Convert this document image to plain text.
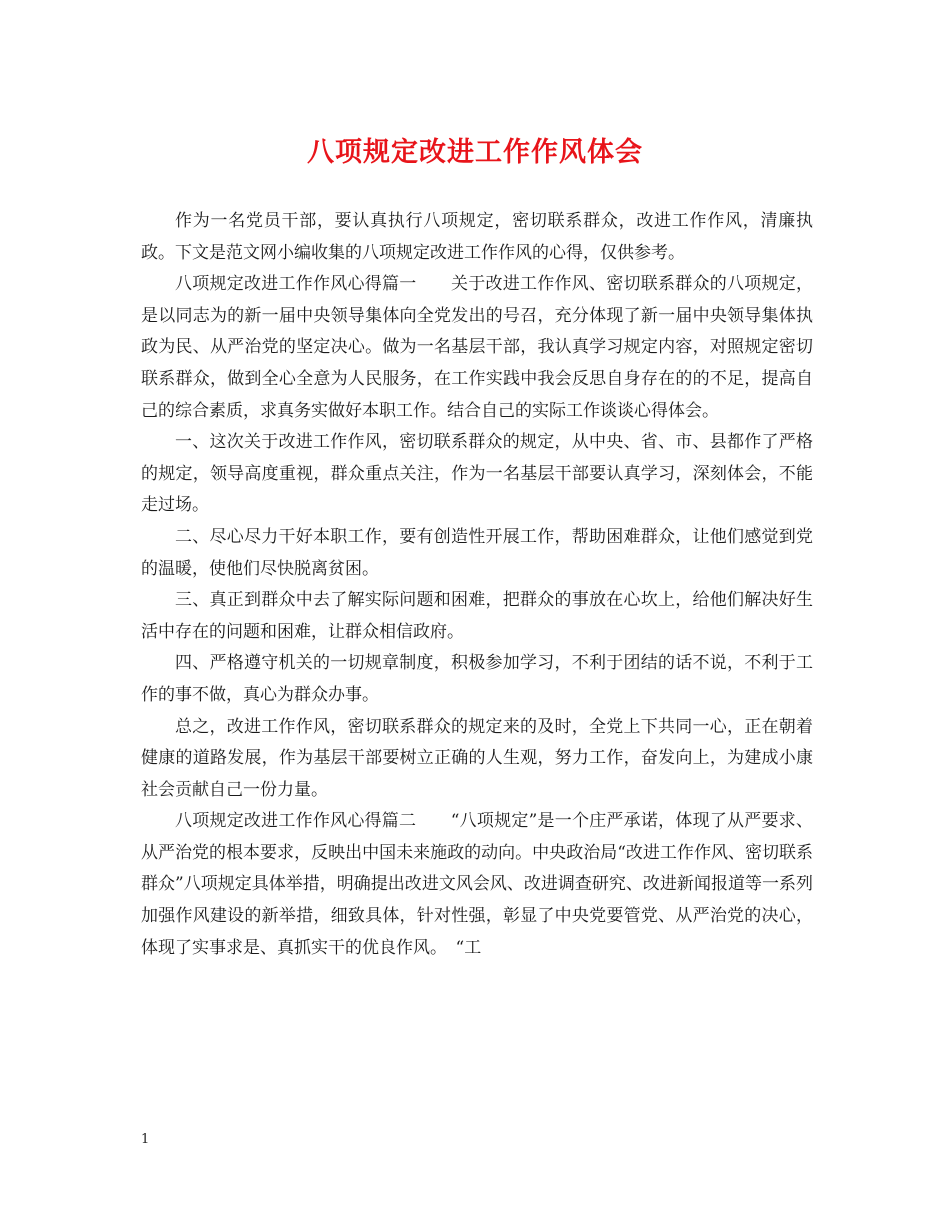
八项规定改进工作作风体会

作为一名党员干部，要认真执行八项规定，密切联系群众，改进工作作风，清廉执政。下文是范文网小编收集的八项规定改进工作作风的心得，仅供参考。

八项规定改进工作作风心得篇一　　关于改进工作作风、密切联系群众的八项规定，是以同志为的新一届中央领导集体向全党发出的号召，充分体现了新一届中央领导集体执政为民、从严治党的坚定决心。做为一名基层干部，我认真学习规定内容，对照规定密切联系群众，做到全心全意为人民服务，在工作实践中我会反思自身存在的的不足，提高自己的综合素质，求真务实做好本职工作。结合自己的实际工作谈谈心得体会。

一、这次关于改进工作作风，密切联系群众的规定，从中央、省、市、县都作了严格的规定，领导高度重视，群众重点关注，作为一名基层干部要认真学习，深刻体会，不能走过场。

二、尽心尽力干好本职工作，要有创造性开展工作，帮助困难群众，让他们感觉到党的温暖，使他们尽快脱离贫困。

三、真正到群众中去了解实际问题和困难，把群众的事放在心坎上，给他们解决好生活中存在的问题和困难，让群众相信政府。

四、严格遵守机关的一切规章制度，积极参加学习，不利于团结的话不说，不利于工作的事不做，真心为群众办事。

总之，改进工作作风，密切联系群众的规定来的及时，全党上下共同一心，正在朝着健康的道路发展，作为基层干部要树立正确的人生观，努力工作，奋发向上，为建成小康社会贡献自己一份力量。

八项规定改进工作作风心得篇二　　“八项规定”是一个庄严承诺，体现了从严要求、从严治党的根本要求，反映出中国未来施政的动向。中央政治局“改进工作作风、密切联系群众”八项规定具体举措，明确提出改进文风会风、改进调查研究、改进新闻报道等一系列加强作风建设的新举措，细致具体，针对性强，彰显了中央党要管党、从严治党的决心，体现了实事求是、真抓实干的优良作风。　“工

1
